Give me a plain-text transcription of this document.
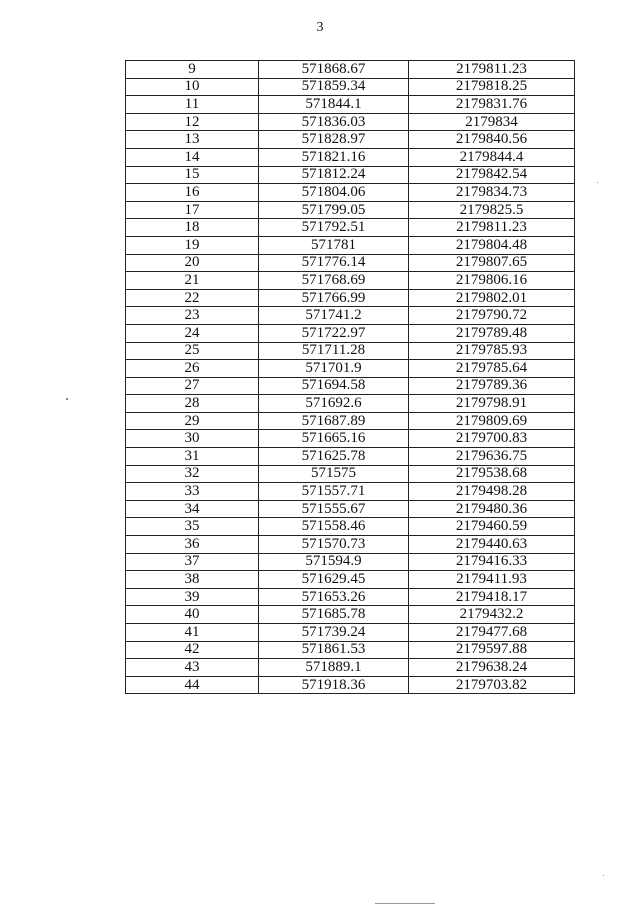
3
9	571868.67	2179811.23
10	571859.34	2179818.25
11	571844.1	2179831.76
12	571836.03	2179834
13	571828.97	2179840.56
14	571821.16	2179844.4
15	571812.24	2179842.54
16	571804.06	2179834.73
17	571799.05	2179825.5
18	571792.51	2179811.23
19	571781	2179804.48
20	571776.14	2179807.65
21	571768.69	2179806.16
22	571766.99	2179802.01
23	571741.2	2179790.72
24	571722.97	2179789.48
25	571711.28	2179785.93
26	571701.9	2179785.64
27	571694.58	2179789.36
28	571692.6	2179798.91
29	571687.89	2179809.69
30	571665.16	2179700.83
31	571625.78	2179636.75
32	571575	2179538.68
33	571557.71	2179498.28
34	571555.67	2179480.36
35	571558.46	2179460.59
36	571570.73	2179440.63
37	571594.9	2179416.33
38	571629.45	2179411.93
39	571653.26	2179418.17
40	571685.78	2179432.2
41	571739.24	2179477.68
42	571861.53	2179597.88
43	571889.1	2179638.24
44	571918.36	2179703.82
